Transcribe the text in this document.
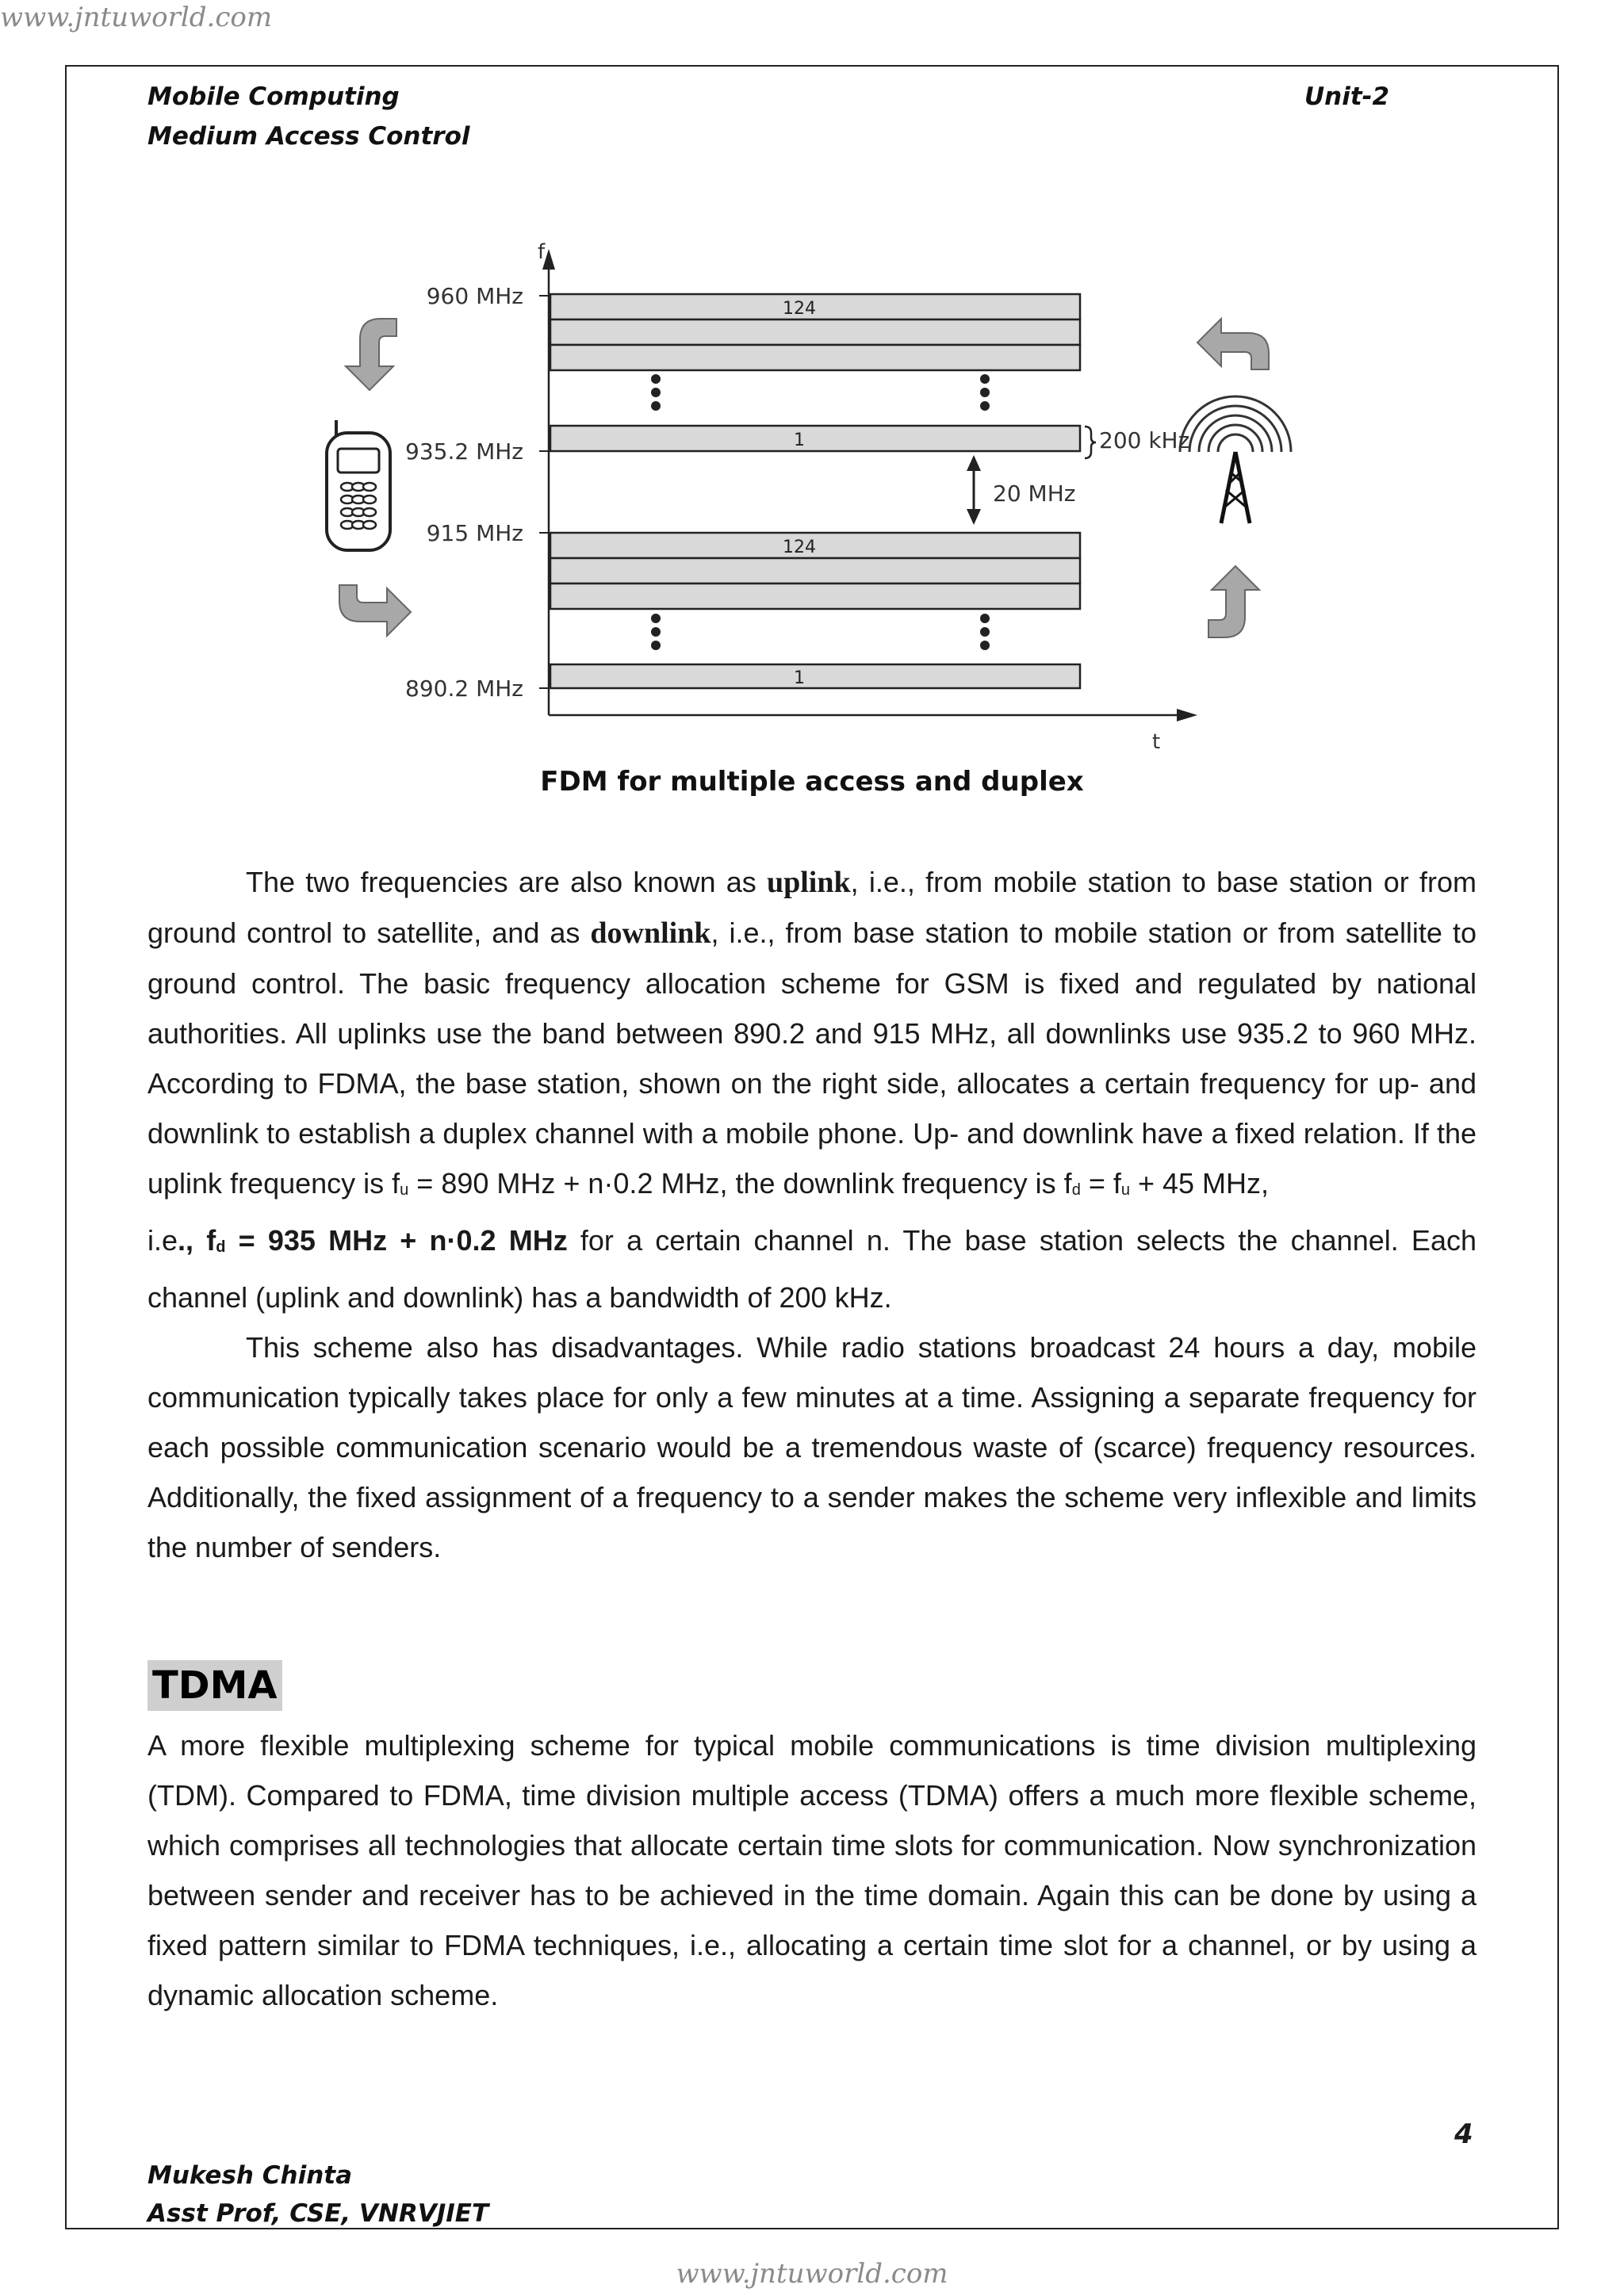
www.jntuworld.com
Mobile Computing	Unit-2
Medium Access Control
f
t
960 MHz
935.2 MHz
915 MHz
890.2 MHz
124
1
124
1
200 kHz
20 MHz
FDM for multiple access and duplex

The two frequencies are also known as uplink, i.e., from mobile station to base station or from ground control to satellite, and as downlink, i.e., from base station to mobile station or from satellite to ground control. The basic frequency allocation scheme for GSM is fixed and regulated by national authorities. All uplinks use the band between 890.2 and 915 MHz, all downlinks use 935.2 to 960 MHz. According to FDMA, the base station, shown on the right side, allocates a certain frequency for up- and downlink to establish a duplex channel with a mobile phone. Up- and downlink have a fixed relation. If the uplink frequency is $f_u = 890$ MHz + n·0.2 MHz, the downlink frequency is $f_d = f_u + 45$ MHz,

i.e., $f_d = 935$ MHz + n·0.2 MHz for a certain channel n. The base station selects the channel. Each channel (uplink and downlink) has a bandwidth of 200 kHz.

This scheme also has disadvantages. While radio stations broadcast 24 hours a day, mobile communication typically takes place for only a few minutes at a time. Assigning a separate frequency for each possible communication scenario would be a tremendous waste of (scarce) frequency resources. Additionally, the fixed assignment of a frequency to a sender makes the scheme very inflexible and limits the number of senders.

TDMA

A more flexible multiplexing scheme for typical mobile communications is time division multiplexing (TDM). Compared to FDMA, time division multiple access (TDMA) offers a much more flexible scheme, which comprises all technologies that allocate certain time slots for communication. Now synchronization between sender and receiver has to be achieved in the time domain. Again this can be done by using a fixed pattern similar to FDMA techniques, i.e., allocating a certain time slot for a channel, or by using a dynamic allocation scheme.

4
Mukesh Chinta
Asst Prof, CSE, VNRVJIET
www.jntuworld.com
